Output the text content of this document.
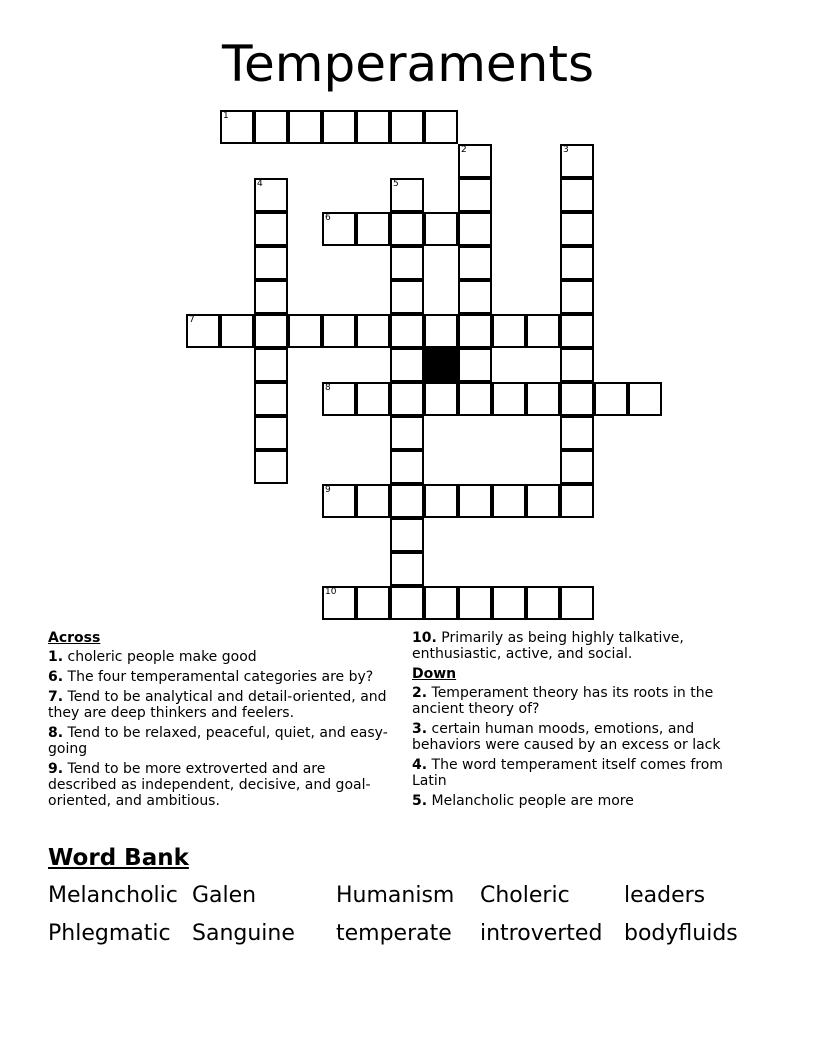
Temperaments
1
2	3
4	5
6
7
8
9
10
Across
1. choleric people make good
6. The four temperamental categories are by?
7. Tend to be analytical and detail-oriented, and they are deep thinkers and feelers.
8. Tend to be relaxed, peaceful, quiet, and easy-going
9. Tend to be more extroverted and are described as independent, decisive, and goal-oriented, and ambitious.
10. Primarily as being highly talkative, enthusiastic, active, and social.
Down
2. Temperament theory has its roots in the ancient theory of?
3. certain human moods, emotions, and behaviors were caused by an excess or lack
4. The word temperament itself comes from Latin
5. Melancholic people are more
Word Bank
Melancholic Galen	Humanism Choleric leaders
Phlegmatic Sanguine temperate introverted bodyfluids
